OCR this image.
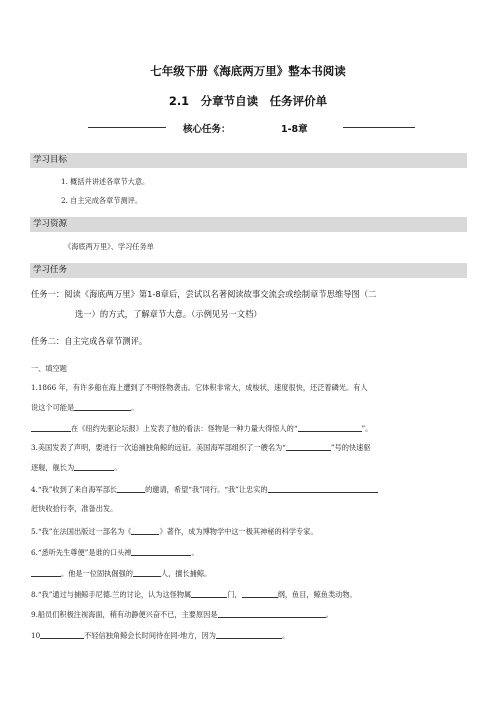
七年级下册《海底两万里》整本书阅读
2.1　分章节自读　任务评价单
核心任务：	1-8章
学习目标
1. 概括并讲述各章节大意。
2. 自主完成各章节测评。
学习资源
《海底两万里》、学习任务单
学习任务
任务一：阅读《海底两万里》第1-8章后，尝试以名著阅读故事交流会或绘制章节思维导图（二
选一）的方式，了解章节大意。（示例见另一文档）
任务二：自主完成各章节测评。
一、填空题
1.1866 年，有许多船在海上遭到了不明怪物袭击。它体积非常大，成梭状，速度很快，还泛着磷光。有人
说这个可能是	。
在《纽约先驱论坛报》上发表了他的看法：怪物是一种力量大得惊人的“	”。
3.美国发表了声明，要进行一次追捕独角鲸的远征。美国海军部组织了一艘名为“	”号的快速驱
逐舰，舰长为	。
4.“我”收到了来自海军部长	的邀请，希望“我”同行。“我”让忠实的
赶快收拾行李，准备出发。
5.“我”在法国出版过一部名为《	》著作，成为博物学中这一极其神秘的科学专家。
6.“悉听先生尊便”是谁的口头禅	。
。他是一位固执倔强的	人，擅长捕鲸。
8.“我”通过与捕鲸手尼德.兰的讨论，认为这怪物属	门，	纲，鱼目，鲸鱼类动物。
9.船员们积极注视海面，稍有动静便兴奋不已，主要原因是	。
10	不轻信独角鲸会长时间待在同-地方，因为	。
